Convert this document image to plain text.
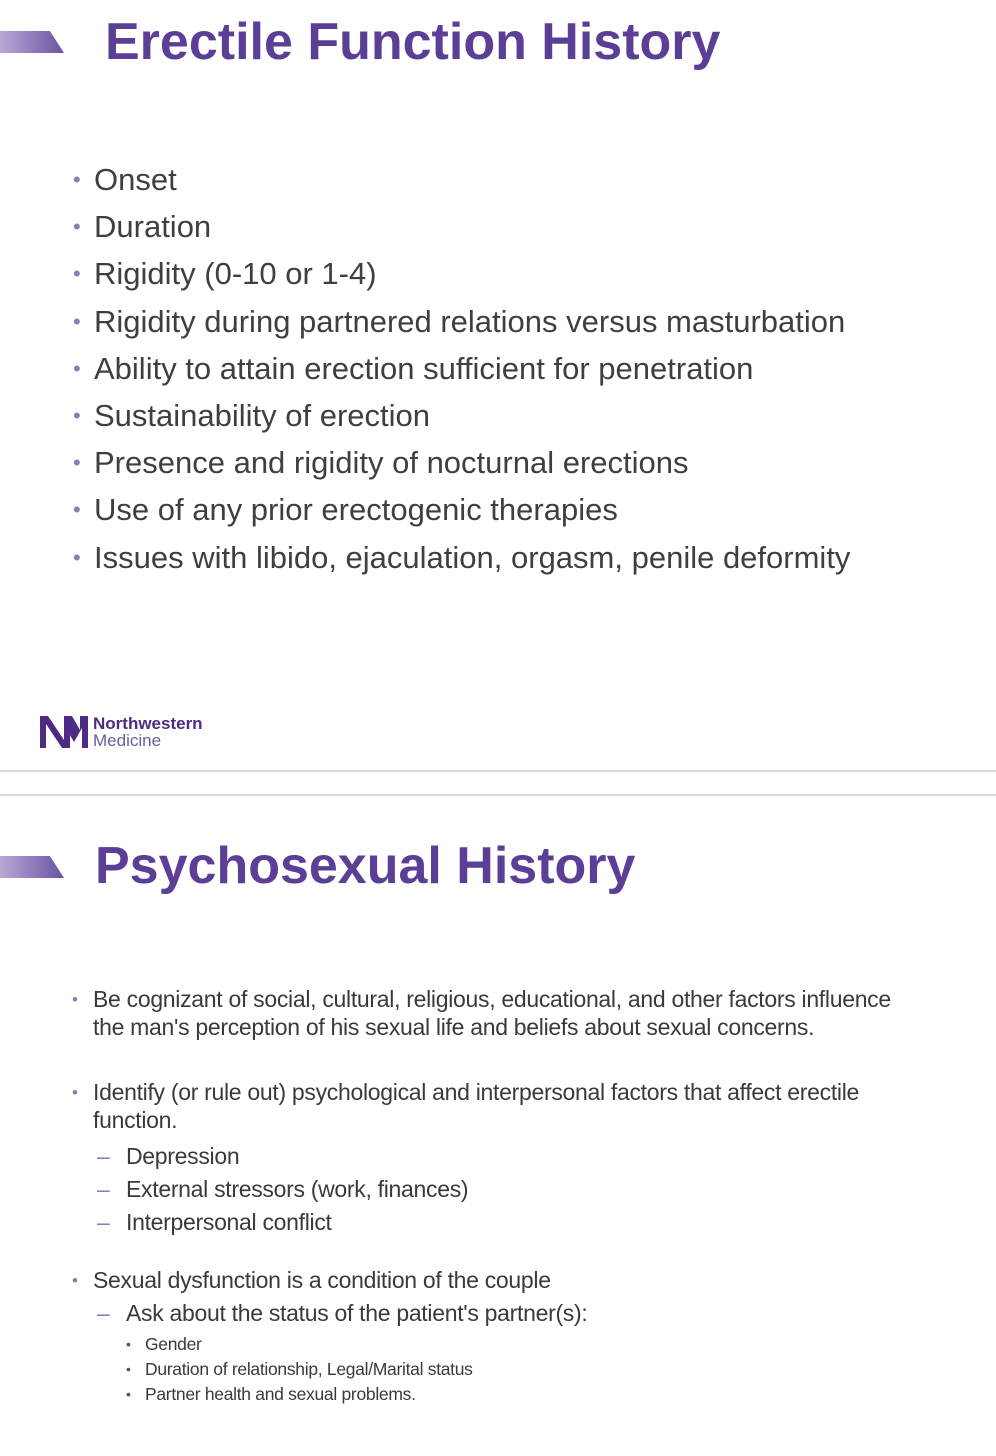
Erectile Function History
• Onset
• Duration
• Rigidity (0-10 or 1-4)
• Rigidity during partnered relations versus masturbation
• Ability to attain erection sufficient for penetration
• Sustainability of erection
• Presence and rigidity of nocturnal erections
• Use of any prior erectogenic therapies
• Issues with libido, ejaculation, orgasm, penile deformity
Northwestern
Medicine
Psychosexual History
• Be cognizant of social, cultural, religious, educational, and other factors influence the man's perception of his sexual life and beliefs about sexual concerns.
• Identify (or rule out) psychological and interpersonal factors that affect erectile function.
– Depression
– External stressors (work, finances)
– Interpersonal conflict
• Sexual dysfunction is a condition of the couple
– Ask about the status of the patient's partner(s):
• Gender
• Duration of relationship, Legal/Marital status
• Partner health and sexual problems.
